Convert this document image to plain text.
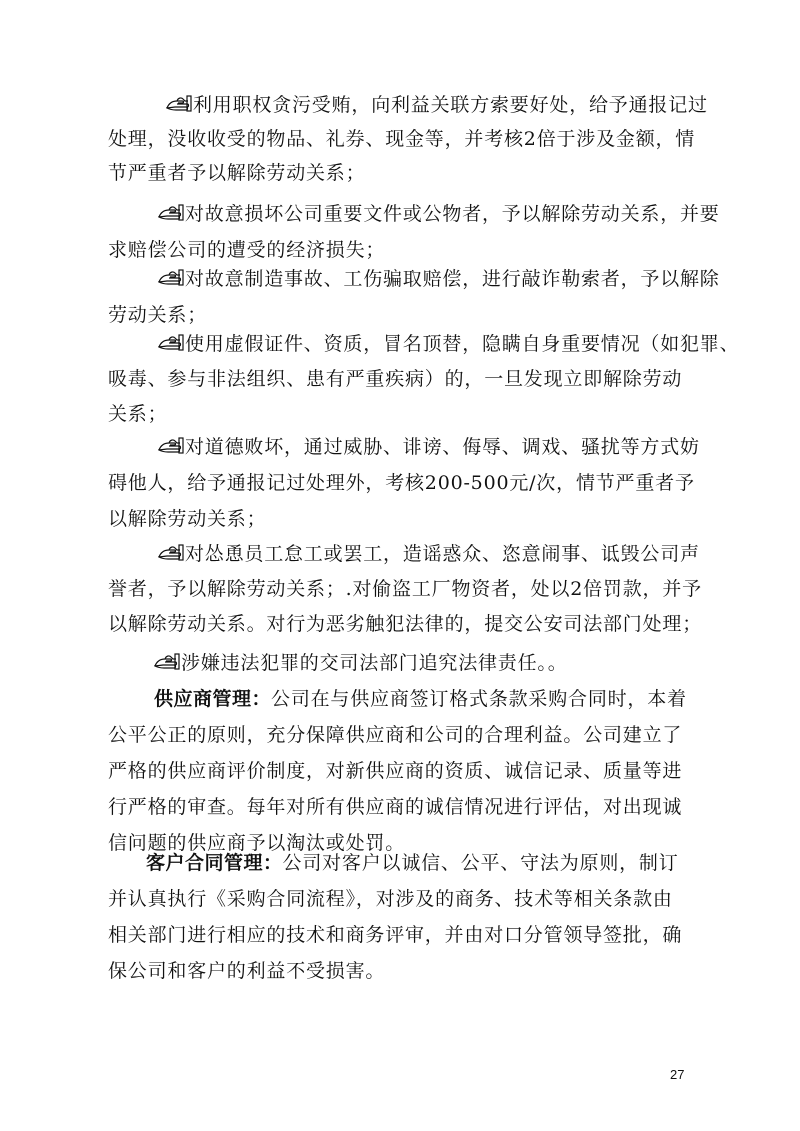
利用职权贪污受贿，向利益关联方索要好处，给予通报记过
处理，没收收受的物品、礼券、现金等，并考核2倍于涉及金额，情
节严重者予以解除劳动关系；
对故意损坏公司重要文件或公物者，予以解除劳动关系，并要
求赔偿公司的遭受的经济损失；
对故意制造事故、工伤骗取赔偿，进行敲诈勒索者，予以解除
劳动关系；
使用虚假证件、资质，冒名顶替，隐瞒自身重要情况（如犯罪、
吸毒、参与非法组织、患有严重疾病）的，一旦发现立即解除劳动
关系；
对道德败坏，通过威胁、诽谤、侮辱、调戏、骚扰等方式妨
碍他人，给予通报记过处理外，考核200-500元/次，情节严重者予
以解除劳动关系；
对怂恿员工怠工或罢工，造谣惑众、恣意闹事、诋毁公司声
誉者，予以解除劳动关系；.对偷盗工厂物资者，处以2倍罚款，并予
以解除劳动关系。对行为恶劣触犯法律的，提交公安司法部门处理；
涉嫌违法犯罪的交司法部门追究法律责任。。
供应商管理：公司在与供应商签订格式条款采购合同时，本着
公平公正的原则，充分保障供应商和公司的合理利益。公司建立了
严格的供应商评价制度，对新供应商的资质、诚信记录、质量等进
行严格的审查。每年对所有供应商的诚信情况进行评估，对出现诚
信问题的供应商予以淘汰或处罚。
客户合同管理：公司对客户以诚信、公平、守法为原则，制订
并认真执行《采购合同流程》，对涉及的商务、技术等相关条款由
相关部门进行相应的技术和商务评审，并由对口分管领导签批，确
保公司和客户的利益不受损害。
27
